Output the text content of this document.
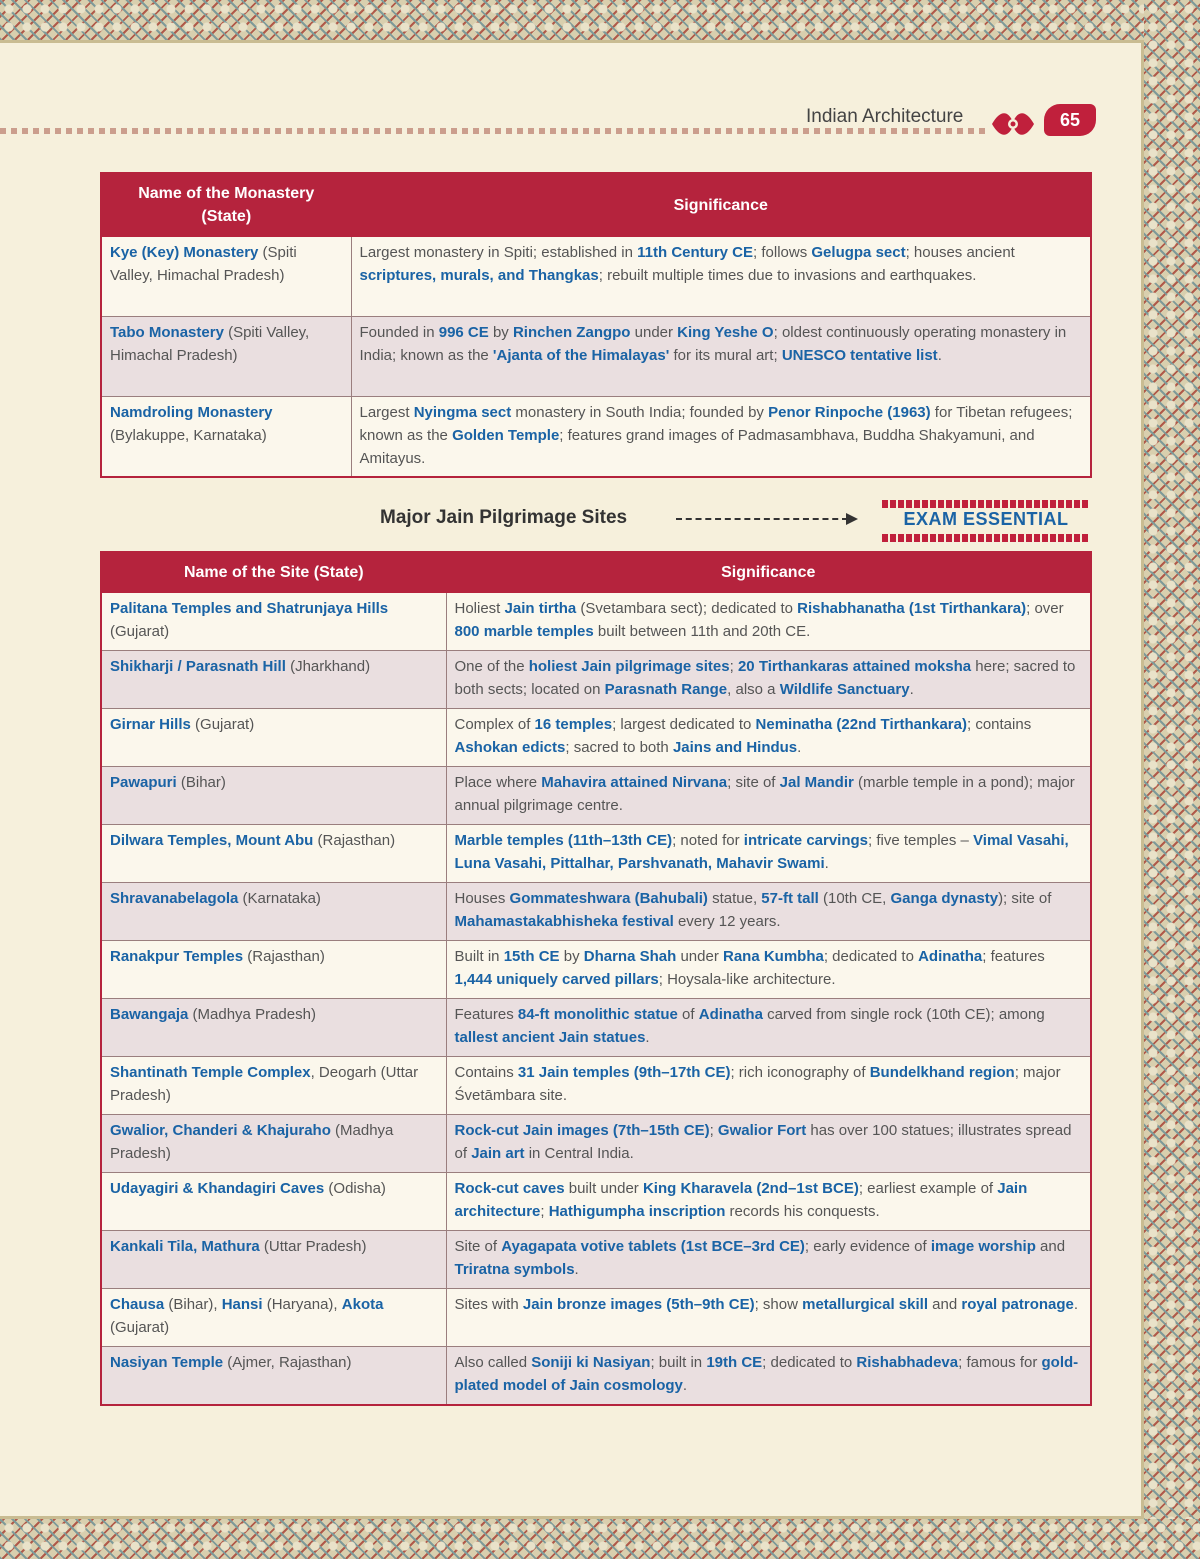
Indian Architecture	65
Name of the Monastery (State)	Significance
Kye (Key) Monastery (Spiti Valley, Himachal Pradesh)	Largest monastery in Spiti; established in 11th Century CE; follows Gelugpa sect; houses ancient scriptures, murals, and Thangkas; rebuilt multiple times due to invasions and earthquakes.
Tabo Monastery (Spiti Valley, Himachal Pradesh)	Founded in 996 CE by Rinchen Zangpo under King Yeshe O; oldest continuously operating monastery in India; known as the 'Ajanta of the Himalayas' for its mural art; UNESCO tentative list.
Namdroling Monastery (Bylakuppe, Karnataka)	Largest Nyingma sect monastery in South India; founded by Penor Rinpoche (1963) for Tibetan refugees; known as the Golden Temple; features grand images of Padmasambhava, Buddha Shakyamuni, and Amitayus.
Major Jain Pilgrimage Sites	EXAM ESSENTIAL
Name of the Site (State)	Significance
Palitana Temples and Shatrunjaya Hills (Gujarat)	Holiest Jain tirtha (Svetambara sect); dedicated to Rishabhanatha (1st Tirthankara); over 800 marble temples built between 11th and 20th CE.
Shikharji / Parasnath Hill (Jharkhand)	One of the holiest Jain pilgrimage sites; 20 Tirthankaras attained moksha here; sacred to both sects; located on Parasnath Range, also a Wildlife Sanctuary.
Girnar Hills (Gujarat)	Complex of 16 temples; largest dedicated to Neminatha (22nd Tirthankara); contains Ashokan edicts; sacred to both Jains and Hindus.
Pawapuri (Bihar)	Place where Mahavira attained Nirvana; site of Jal Mandir (marble temple in a pond); major annual pilgrimage centre.
Dilwara Temples, Mount Abu (Rajasthan)	Marble temples (11th–13th CE); noted for intricate carvings; five temples – Vimal Vasahi, Luna Vasahi, Pittalhar, Parshvanath, Mahavir Swami.
Shravanabelagola (Karnataka)	Houses Gommateshwara (Bahubali) statue, 57-ft tall (10th CE, Ganga dynasty); site of Mahamastakabhisheka festival every 12 years.
Ranakpur Temples (Rajasthan)	Built in 15th CE by Dharna Shah under Rana Kumbha; dedicated to Adinatha; features 1,444 uniquely carved pillars; Hoysala-like architecture.
Bawangaja (Madhya Pradesh)	Features 84-ft monolithic statue of Adinatha carved from single rock (10th CE); among tallest ancient Jain statues.
Shantinath Temple Complex, Deogarh (Uttar Pradesh)	Contains 31 Jain temples (9th–17th CE); rich iconography of Bundelkhand region; major Śvetāmbara site.
Gwalior, Chanderi & Khajuraho (Madhya Pradesh)	Rock-cut Jain images (7th–15th CE); Gwalior Fort has over 100 statues; illustrates spread of Jain art in Central India.
Udayagiri & Khandagiri Caves (Odisha)	Rock-cut caves built under King Kharavela (2nd–1st BCE); earliest example of Jain architecture; Hathigumpha inscription records his conquests.
Kankali Tila, Mathura (Uttar Pradesh)	Site of Ayagapata votive tablets (1st BCE–3rd CE); early evidence of image worship and Triratna symbols.
Chausa (Bihar), Hansi (Haryana), Akota (Gujarat)	Sites with Jain bronze images (5th–9th CE); show metallurgical skill and royal patronage.
Nasiyan Temple (Ajmer, Rajasthan)	Also called Soniji ki Nasiyan; built in 19th CE; dedicated to Rishabhadeva; famous for gold-plated model of Jain cosmology.
